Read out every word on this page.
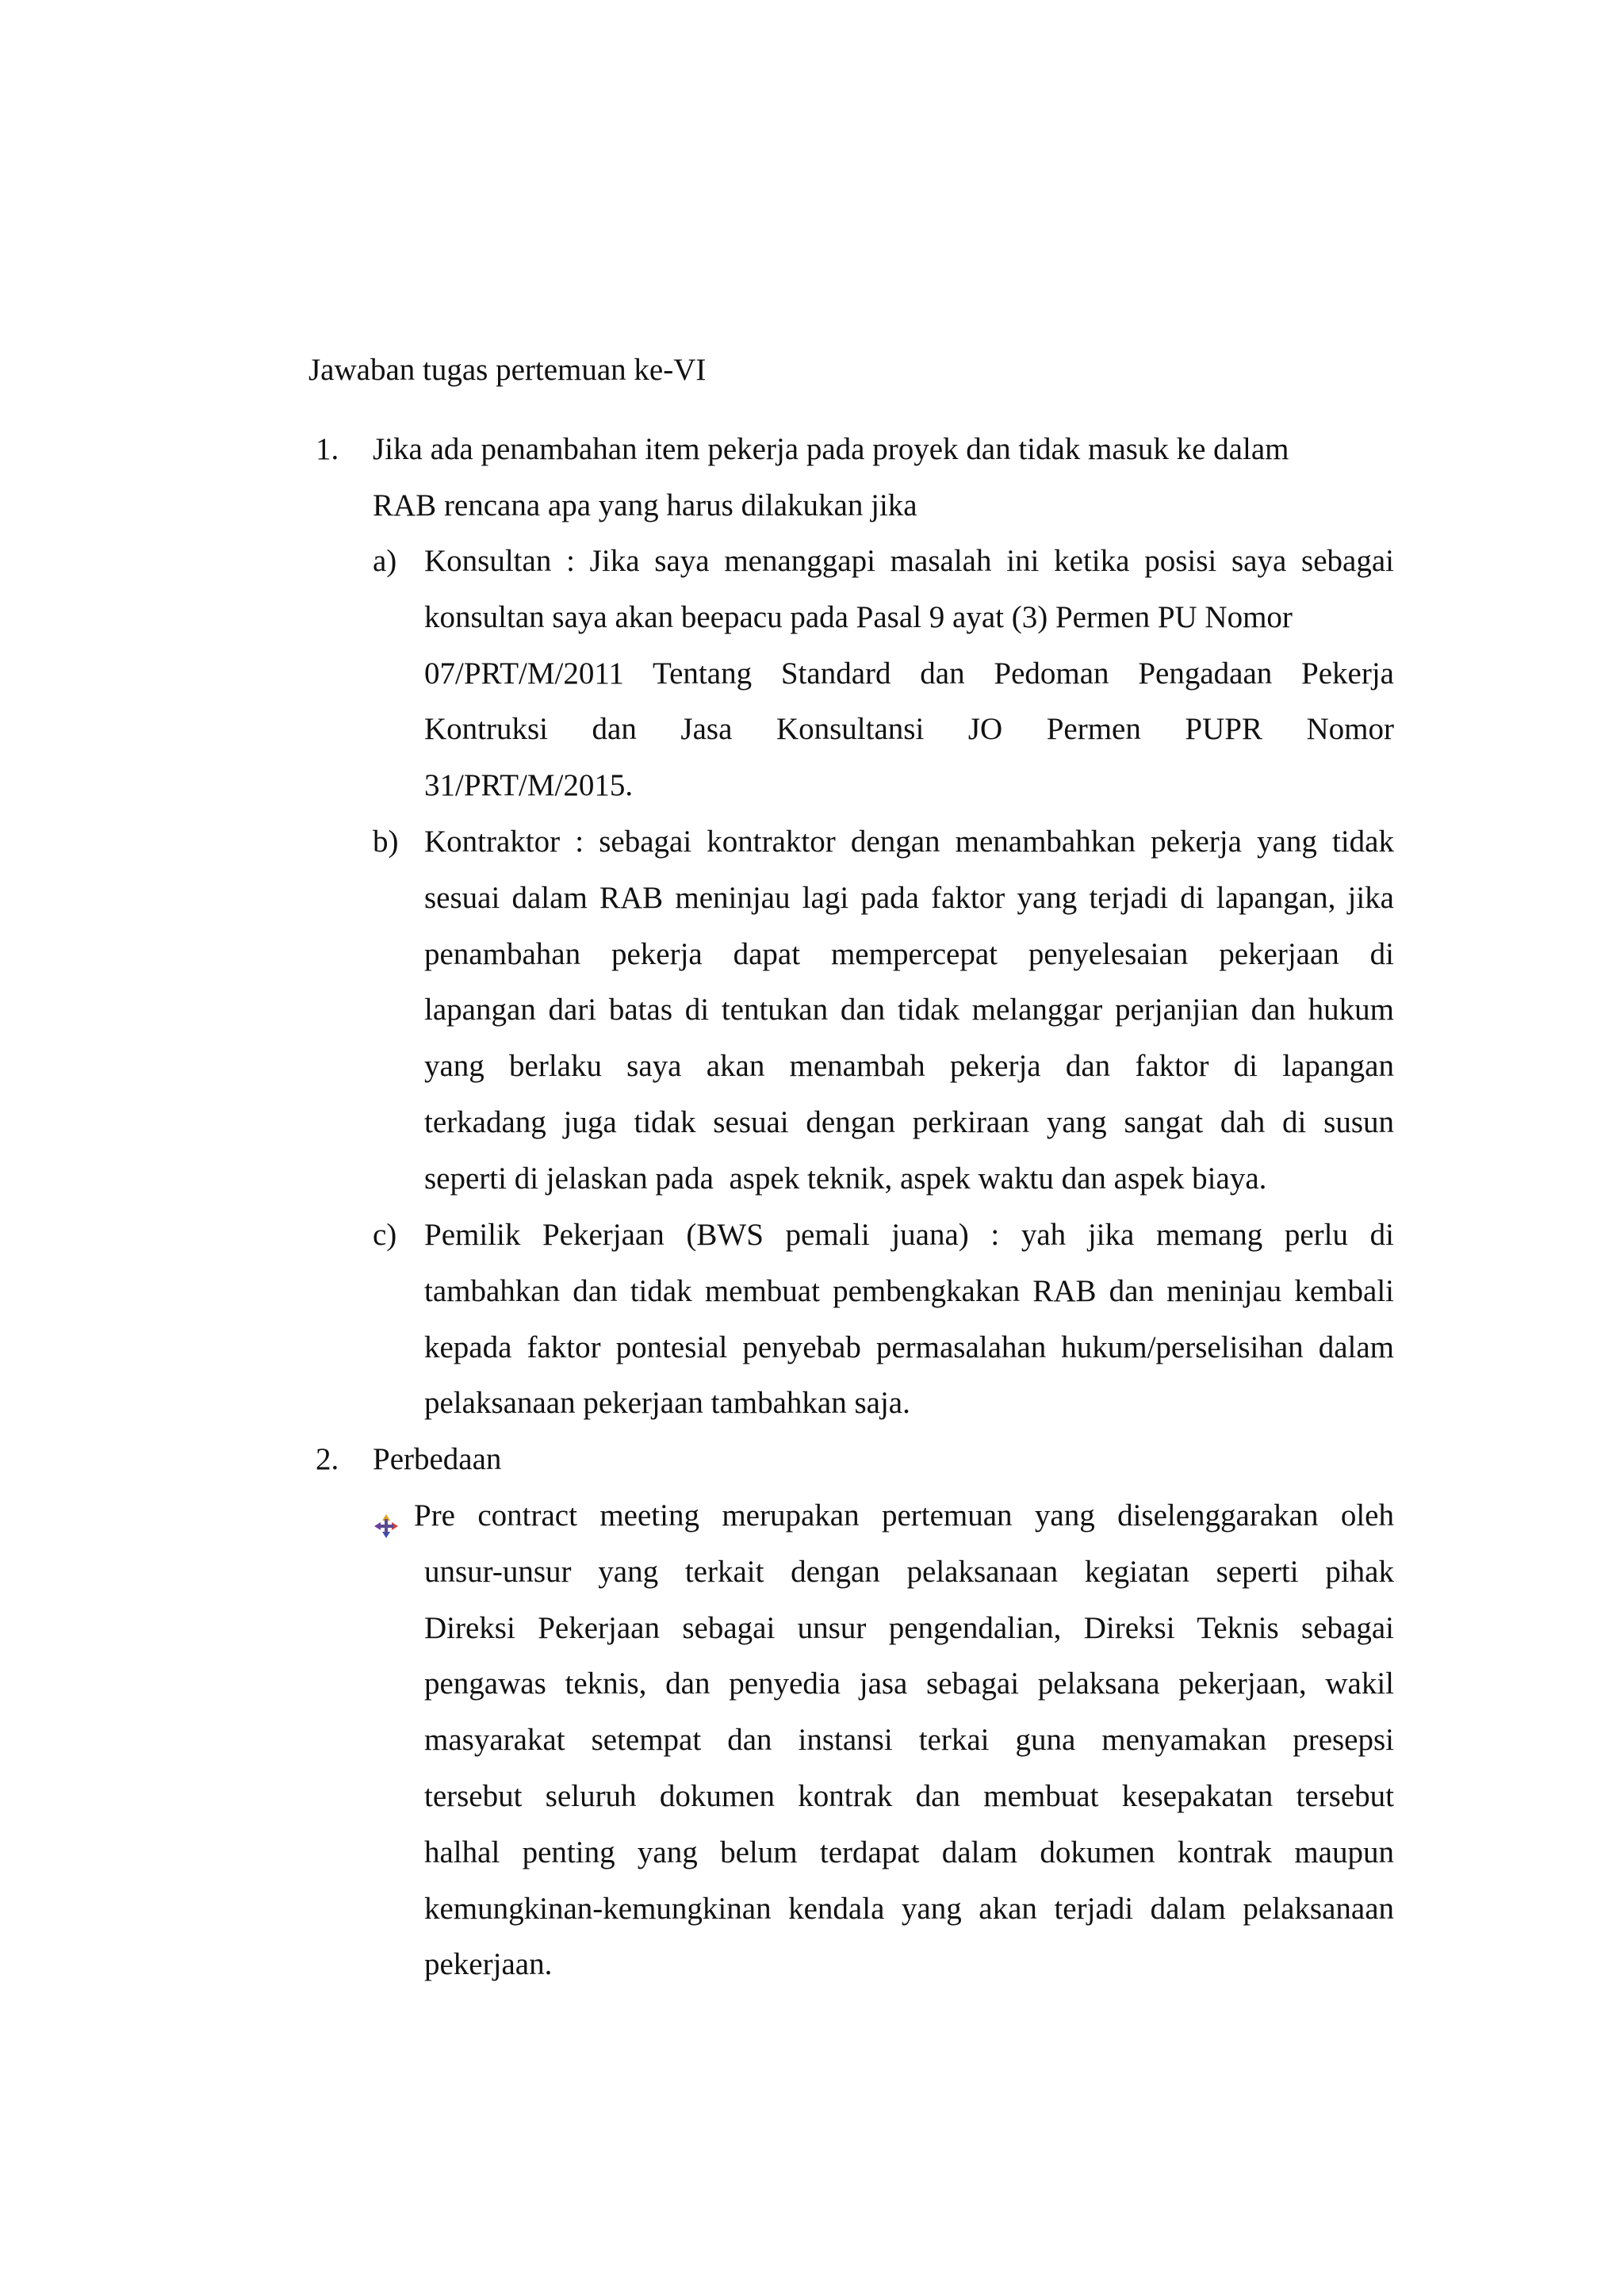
Jawaban tugas pertemuan ke-VI
1. Jika ada penambahan item pekerja pada proyek dan tidak masuk ke dalam
RAB rencana apa yang harus dilakukan jika
a) Konsultan : Jika saya menanggapi masalah ini ketika posisi saya sebagai
konsultan saya akan beepacu pada Pasal 9 ayat (3) Permen PU Nomor
07/PRT/M/2011 Tentang Standard dan Pedoman Pengadaan Pekerja
Kontruksi dan Jasa Konsultansi JO Permen PUPR Nomor
31/PRT/M/2015.
b) Kontraktor : sebagai kontraktor dengan menambahkan pekerja yang tidak
sesuai dalam RAB meninjau lagi pada faktor yang terjadi di lapangan, jika
penambahan pekerja dapat mempercepat penyelesaian pekerjaan di
lapangan dari batas di tentukan dan tidak melanggar perjanjian dan hukum
yang berlaku saya akan menambah pekerja dan faktor di lapangan
terkadang juga tidak sesuai dengan perkiraan yang sangat dah di susun
seperti di jelaskan pada  aspek teknik, aspek waktu dan aspek biaya.
c) Pemilik Pekerjaan (BWS pemali juana) : yah jika memang perlu di
tambahkan dan tidak membuat pembengkakan RAB dan meninjau kembali
kepada faktor pontesial penyebab permasalahan hukum/perselisihan dalam
pelaksanaan pekerjaan tambahkan saja.
2. Perbedaan
Pre contract meeting merupakan pertemuan yang diselenggarakan oleh
unsur-unsur yang terkait dengan pelaksanaan kegiatan seperti pihak
Direksi Pekerjaan sebagai unsur pengendalian, Direksi Teknis sebagai
pengawas teknis, dan penyedia jasa sebagai pelaksana pekerjaan, wakil
masyarakat setempat dan instansi terkai guna menyamakan presepsi
tersebut seluruh dokumen kontrak dan membuat kesepakatan tersebut
halhal penting yang belum terdapat dalam dokumen kontrak maupun
kemungkinan-kemungkinan kendala yang akan terjadi dalam pelaksanaan
pekerjaan.
